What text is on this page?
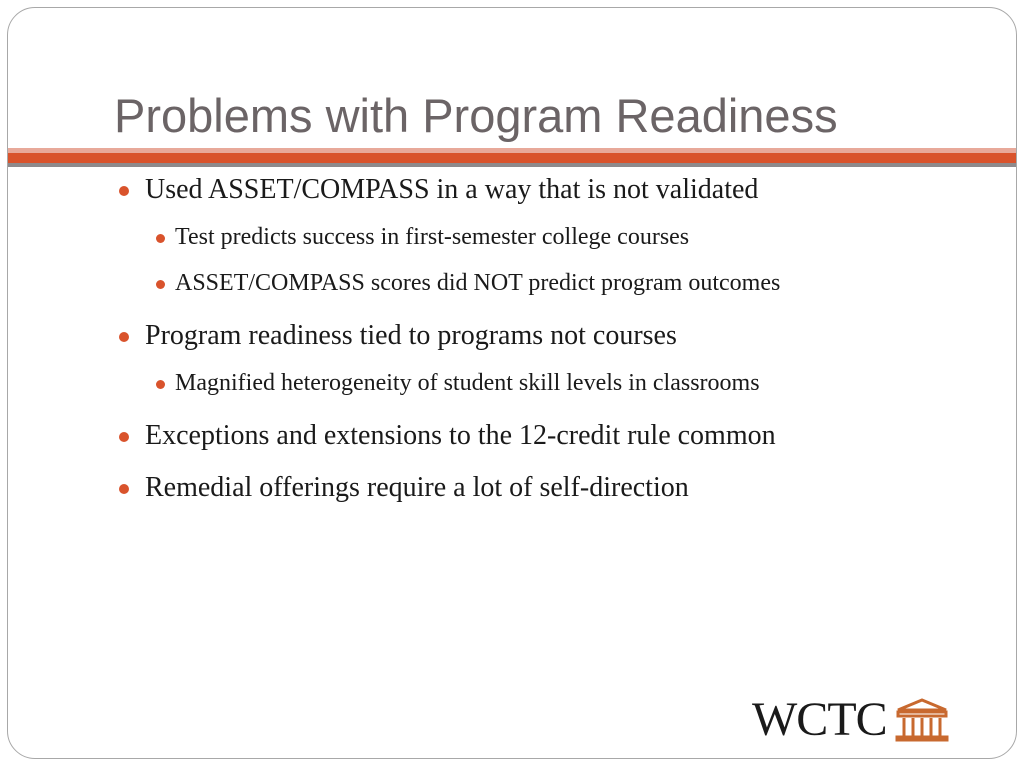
Problems with Program Readiness
Used ASSET/COMPASS in a way that is not validated
Test predicts success in first-semester college courses
ASSET/COMPASS scores did NOT predict program outcomes
Program readiness tied to programs not courses
Magnified heterogeneity of student skill levels in classrooms
Exceptions and extensions to the 12-credit rule common
Remedial offerings require a lot of self-direction
WCTC
